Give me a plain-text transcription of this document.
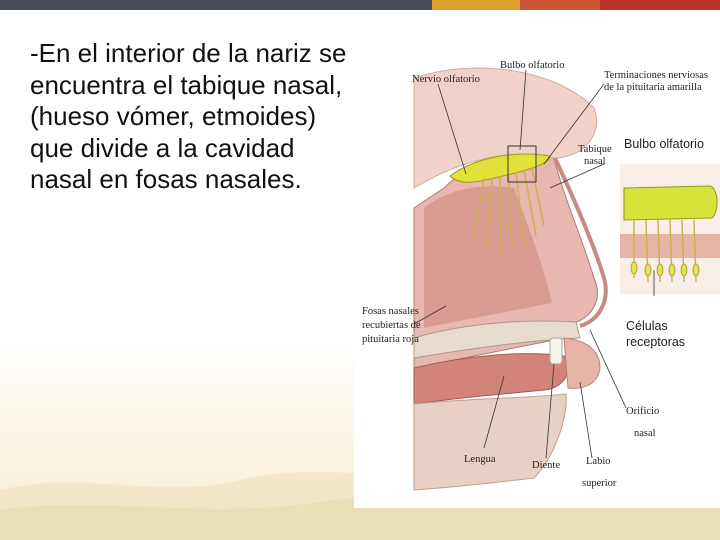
-En el interior de la nariz se encuentra el tabique nasal,(hueso vómer, etmoides) que divide a la cavidad nasal en fosas nasales.
Nervio olfatorio
Bulbo olfatorio
Terminaciones nerviosas
de la pituitaria amarilla
Tabique
nasal
Bulbo olfatorio
Fosas nasales
recubiertas de
pituitaria roja
Células
receptoras
Orificio
nasal
Lengua
Diente Labio
superior
